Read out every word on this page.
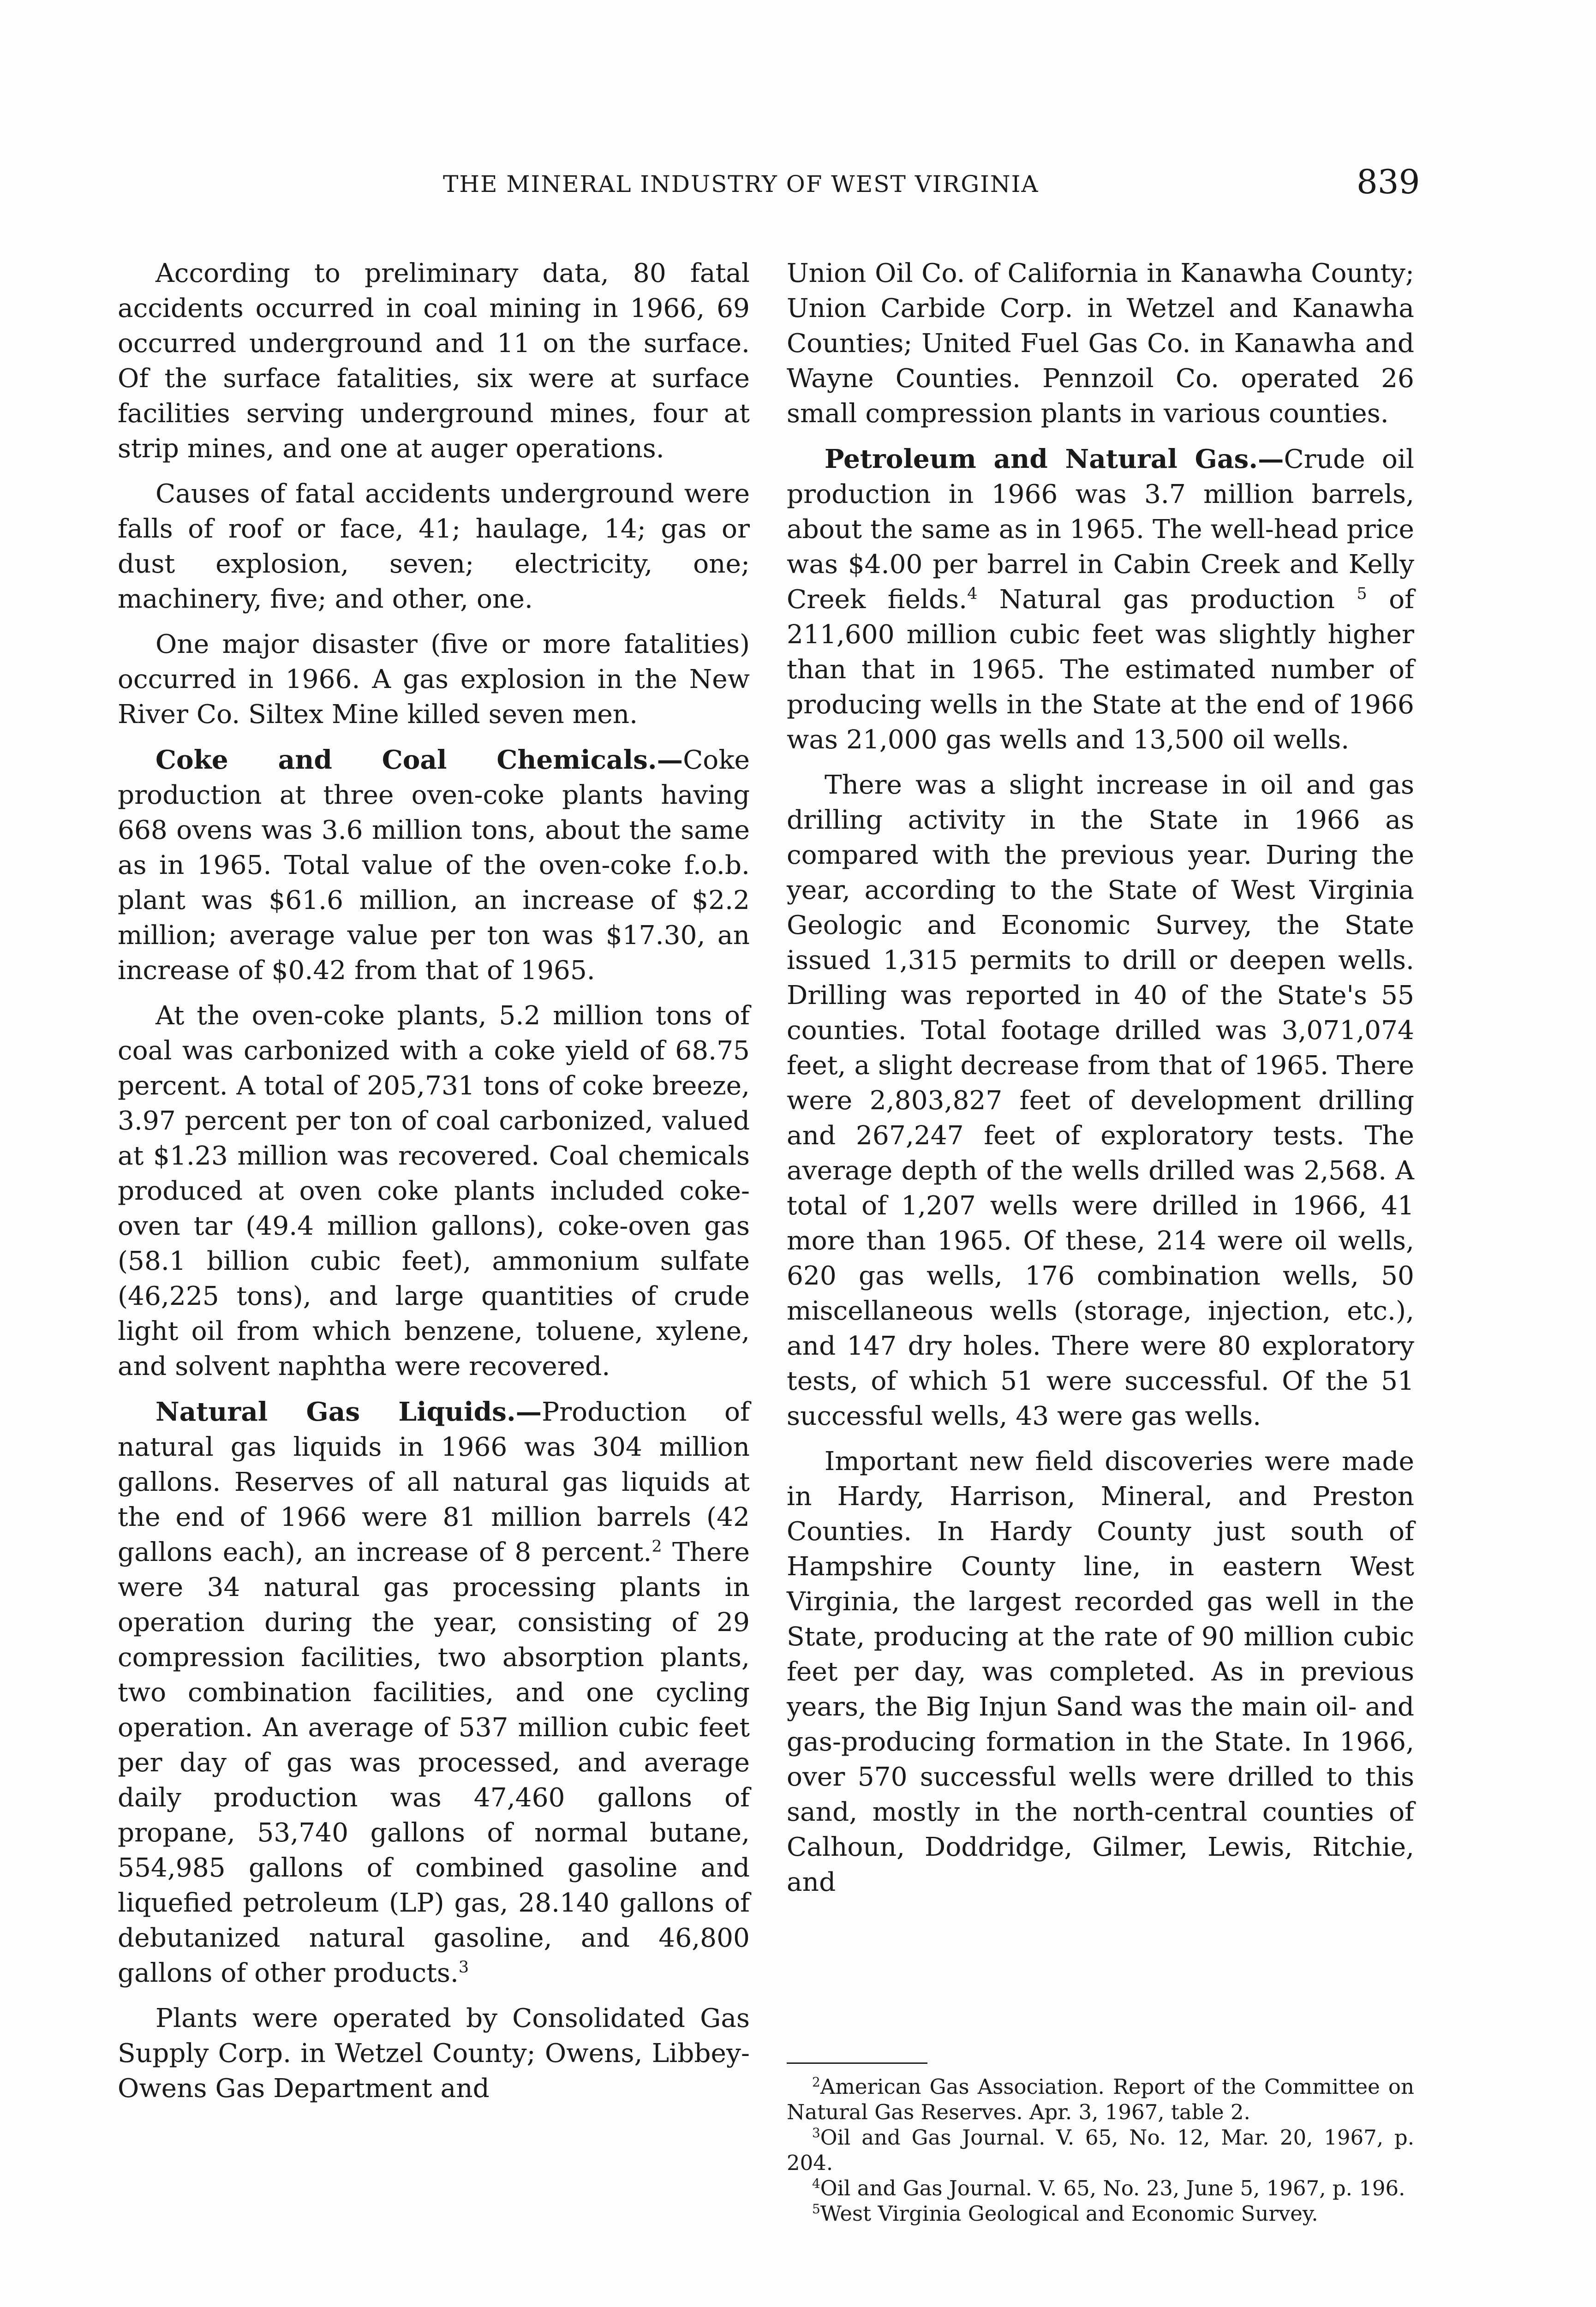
THE MINERAL INDUSTRY OF WEST VIRGINIA	839

According to preliminary data, 80 fatal accidents occurred in coal mining in 1966, 69 occurred underground and 11 on the surface. Of the surface fatalities, six were at surface facilities serving underground mines, four at strip mines, and one at auger operations.

Causes of fatal accidents underground were falls of roof or face, 41; haulage, 14; gas or dust explosion, seven; electricity, one; machinery, five; and other, one.

One major disaster (five or more fatalities) occurred in 1966. A gas explosion in the New River Co. Siltex Mine killed seven men.

Coke and Coal Chemicals.—Coke production at three oven-coke plants having 668 ovens was 3.6 million tons, about the same as in 1965. Total value of the oven-coke f.o.b. plant was $61.6 million, an increase of $2.2 million; average value per ton was $17.30, an increase of $0.42 from that of 1965.

At the oven-coke plants, 5.2 million tons of coal was carbonized with a coke yield of 68.75 percent. A total of 205,731 tons of coke breeze, 3.97 percent per ton of coal carbonized, valued at $1.23 million was recovered. Coal chemicals produced at oven coke plants included coke-oven tar (49.4 million gallons), coke-oven gas (58.1 billion cubic feet), ammonium sulfate (46,225 tons), and large quantities of crude light oil from which benzene, toluene, xylene, and solvent naphtha were recovered.

Natural Gas Liquids.—Production of natural gas liquids in 1966 was 304 million gallons. Reserves of all natural gas liquids at the end of 1966 were 81 million barrels (42 gallons each), an increase of 8 percent.$^2$ There were 34 natural gas processing plants in operation during the year, consisting of 29 compression facilities, two absorption plants, two combination facilities, and one cycling operation. An average of 537 million cubic feet per day of gas was processed, and average daily production was 47,460 gallons of propane, 53,740 gallons of normal butane, 554,985 gallons of combined gasoline and liquefied petroleum (LP) gas, 28.140 gallons of debutanized natural gasoline, and 46,800 gallons of other products.$^3$

Plants were operated by Consolidated Gas Supply Corp. in Wetzel County; Owens, Libbey-Owens Gas Department and

Union Oil Co. of California in Kanawha County; Union Carbide Corp. in Wetzel and Kanawha Counties; United Fuel Gas Co. in Kanawha and Wayne Counties. Pennzoil Co. operated 26 small compression plants in various counties.

Petroleum and Natural Gas.—Crude oil production in 1966 was 3.7 million barrels, about the same as in 1965. The well-head price was $4.00 per barrel in Cabin Creek and Kelly Creek fields.$^4$ Natural gas production $^5$ of 211,600 million cubic feet was slightly higher than that in 1965. The estimated number of producing wells in the State at the end of 1966 was 21,000 gas wells and 13,500 oil wells.

There was a slight increase in oil and gas drilling activity in the State in 1966 as compared with the previous year. During the year, according to the State of West Virginia Geologic and Economic Survey, the State issued 1,315 permits to drill or deepen wells. Drilling was reported in 40 of the State's 55 counties. Total footage drilled was 3,071,074 feet, a slight decrease from that of 1965. There were 2,803,827 feet of development drilling and 267,247 feet of exploratory tests. The average depth of the wells drilled was 2,568. A total of 1,207 wells were drilled in 1966, 41 more than 1965. Of these, 214 were oil wells, 620 gas wells, 176 combination wells, 50 miscellaneous wells (storage, injection, etc.), and 147 dry holes. There were 80 exploratory tests, of which 51 were successful. Of the 51 successful wells, 43 were gas wells.

Important new field discoveries were made in Hardy, Harrison, Mineral, and Preston Counties. In Hardy County just south of Hampshire County line, in eastern West Virginia, the largest recorded gas well in the State, producing at the rate of 90 million cubic feet per day, was completed. As in previous years, the Big Injun Sand was the main oil- and gas-producing formation in the State. In 1966, over 570 successful wells were drilled to this sand, mostly in the north-central counties of Calhoun, Doddridge, Gilmer, Lewis, Ritchie, and

$^2$American Gas Association. Report of the Committee on Natural Gas Reserves. Apr. 3, 1967, table 2.

$^3$Oil and Gas Journal. V. 65, No. 12, Mar. 20, 1967, p. 204.

$^4$Oil and Gas Journal. V. 65, No. 23, June 5, 1967, p. 196.

$^5$West Virginia Geological and Economic Survey.
